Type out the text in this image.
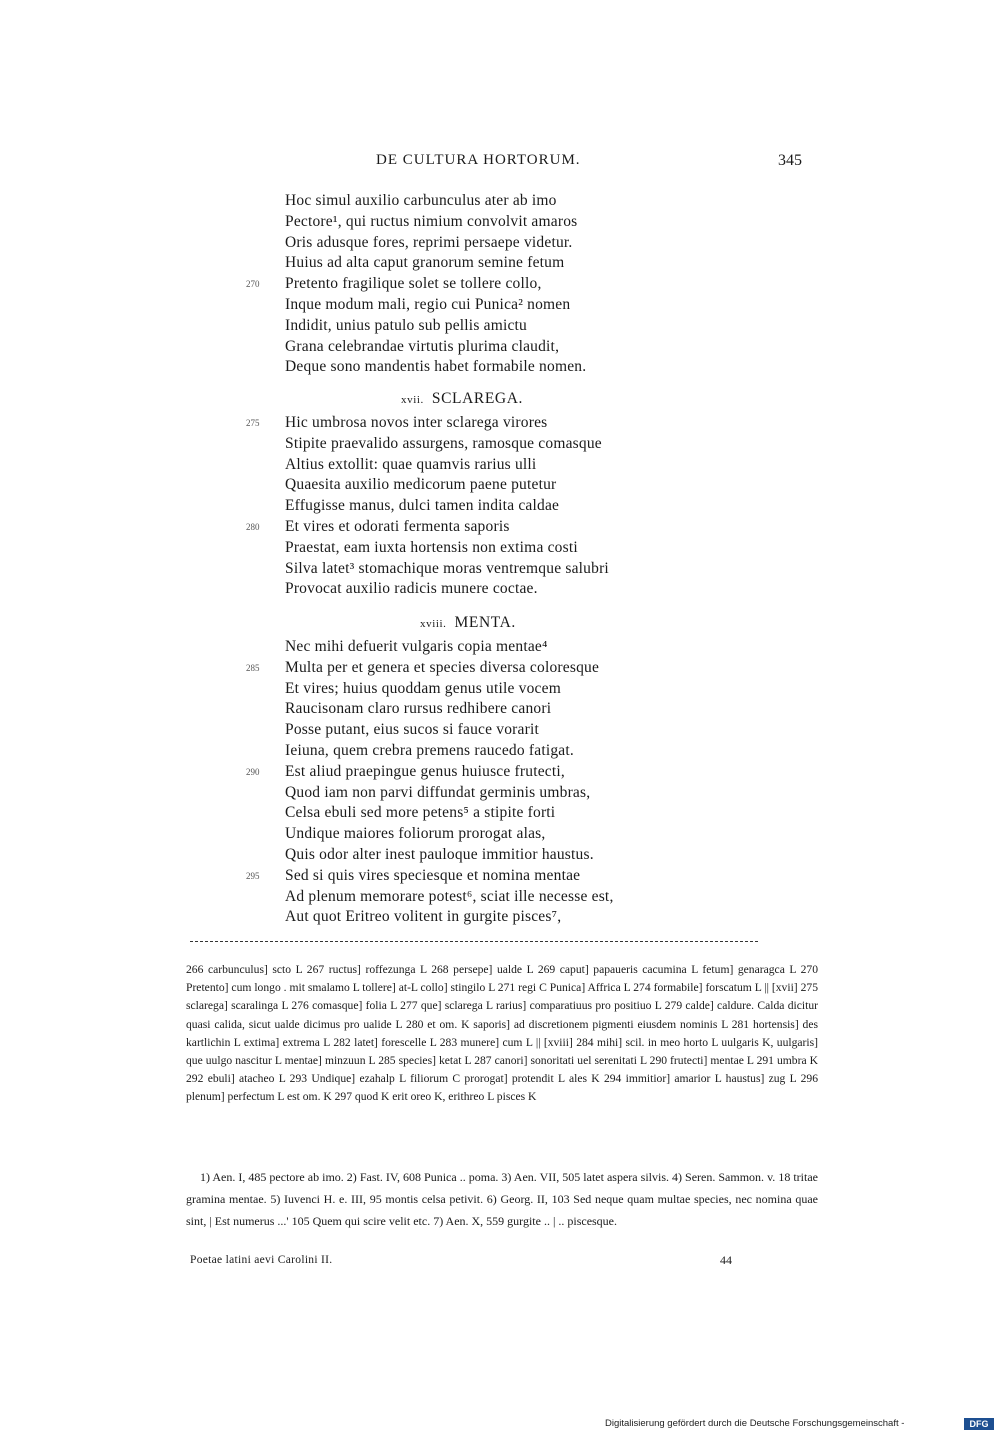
DE CULTURA HORTORUM.	345
Hoc simul auxilio carbunculus ater ab imo
Pectore¹, qui ructus nimium convolvit amaros
Oris adusque fores, reprimi persaepe videtur.
Huius ad alta caput granorum semine fetum
Pretento fragilique solet se tollere collo,
270
Inque modum mali, regio cui Punica² nomen
Indidit, unius patulo sub pellis amictu
Grana celebrandae virtutis plurima claudit,
Deque sono mandentis habet formabile nomen.
xvii. SCLAREGA.
Hic umbrosa novos inter sclarega virores
275
Stipite praevalido assurgens, ramosque comasque
Altius extollit: quae quamvis rarius ulli
Quaesita auxilio medicorum paene putetur
Effugisse manus, dulci tamen indita caldae
Et vires et odorati fermenta saporis
280
Praestat, eam iuxta hortensis non extima costi
Silva latet³ stomachique moras ventremque salubri
Provocat auxilio radicis munere coctae.
xviii. MENTA.
Nec mihi defuerit vulgaris copia mentae⁴
Multa per et genera et species diversa coloresque
285
Et vires; huius quoddam genus utile vocem
Raucisonam claro rursus redhibere canori
Posse putant, eius sucos si fauce vorarit
Ieiuna, quem crebra premens raucedo fatigat.
Est aliud praepingue genus huiusce frutecti,
290
Quod iam non parvi diffundat germinis umbras,
Celsa ebuli sed more petens⁵ a stipite forti
Undique maiores foliorum prorogat alas,
Quis odor alter inest pauloque immitior haustus.
Sed si quis vires speciesque et nomina mentae
295
Ad plenum memorare potest⁶, sciat ille necesse est,
Aut quot Eritreo volitent in gurgite pisces⁷,

266 carbunculus] scto L 267 ructus] roffezunga L 268 persepe] ualde L 269 caput] papaueris cacumina L fetum] genaragca L 270 Pretento] cum longo . mit smalamo L tollere] at-L collo] stingilo L 271 regi C Punica] Affrica L 274 formabile] forscatum L || [xvii] 275 sclarega] scaralinga L 276 comasque] folia L 277 que] sclarega L rarius] comparatiuus pro positiuo L 279 calde] caldure. Calda dicitur quasi calida, sicut ualde dicimus pro ualide L 280 et om. K saporis] ad discretionem pigmenti eiusdem nominis L 281 hortensis] des kartlichin L extima] extrema L 282 latet] forescelle L 283 munere] cum L || [xviii] 284 mihi] scil. in meo horto L uulgaris K, uulgaris] que uulgo nascitur L mentae] minzuun L 285 species] ketat L 287 canori] sonoritati uel serenitati L 290 frutecti] mentae L 291 umbra K 292 ebuli] atacheo L 293 Undique] ezahalp L filiorum C prorogat] protendit L ales K 294 immitior] amarior L haustus] zug L 296 plenum] perfectum L est om. K 297 quod K erit oreo K, erithreo L pisces K

1) Aen. I, 485 pectore ab imo. 2) Fast. IV, 608 Punica .. poma. 3) Aen. VII, 505 latet aspera silvis. 4) Seren. Sammon. v. 18 tritae gramina mentae. 5) Iuvenci H. e. III, 95 montis celsa petivit. 6) Georg. II, 103 Sed neque quam multae species, nec nomina quae sint, | Est numerus ...' 105 Quem qui scire velit etc. 7) Aen. X, 559 gurgite .. | .. piscesque.

Poetae latini aevi Carolini II.	44
Digitalisierung gefördert durch die Deutsche Forschungsgemeinschaft -	DFG
